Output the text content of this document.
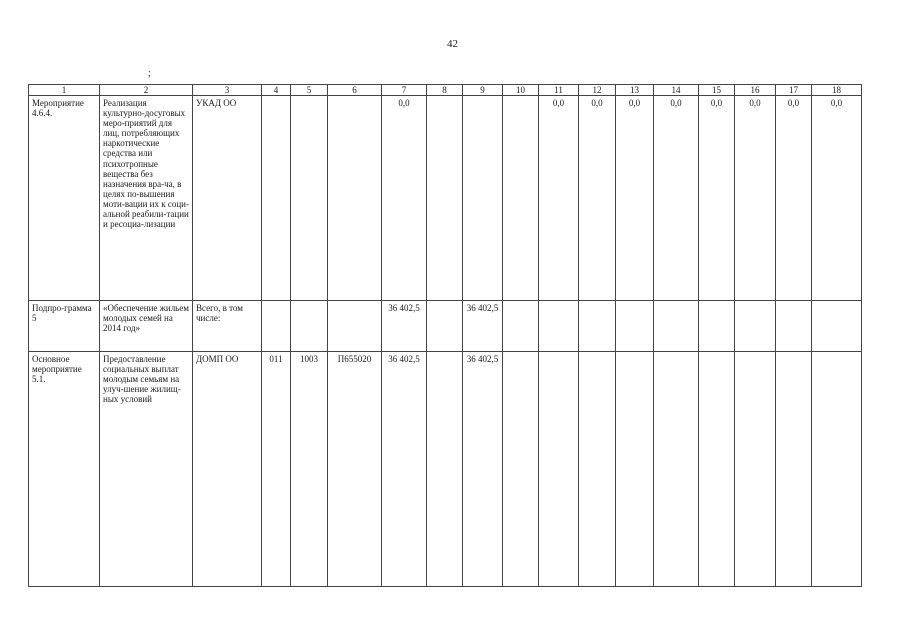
42
;
1	2	3	4	5	6	7	8	9	10	11	12	13	14	15	16	17	18
Мероприятие 4.6.4.	Реализация культурно-досуговых меро-приятий для лиц, потребляющих наркотические средства или психотропные вещества без назначения вра-ча, в целях по-вышения моти-вации их к соци-альной реабили-тации и ресоциа-лизации	УКАД ОО				0,0				0,0	0,0	0,0	0,0	0,0	0,0	0,0	0,0
Подпро-грамма 5	«Обеспечение жильем молодых семей на 2014 год»	Всего, в том числе:				36 402,5		36 402,5									
Основное мероприятие 5.1.	Предоставление социальных выплат молодым семьям на улуч-шение жилищ-ных условий	ДОМП ОО	011	1003	П655020	36 402,5		36 402,5									
